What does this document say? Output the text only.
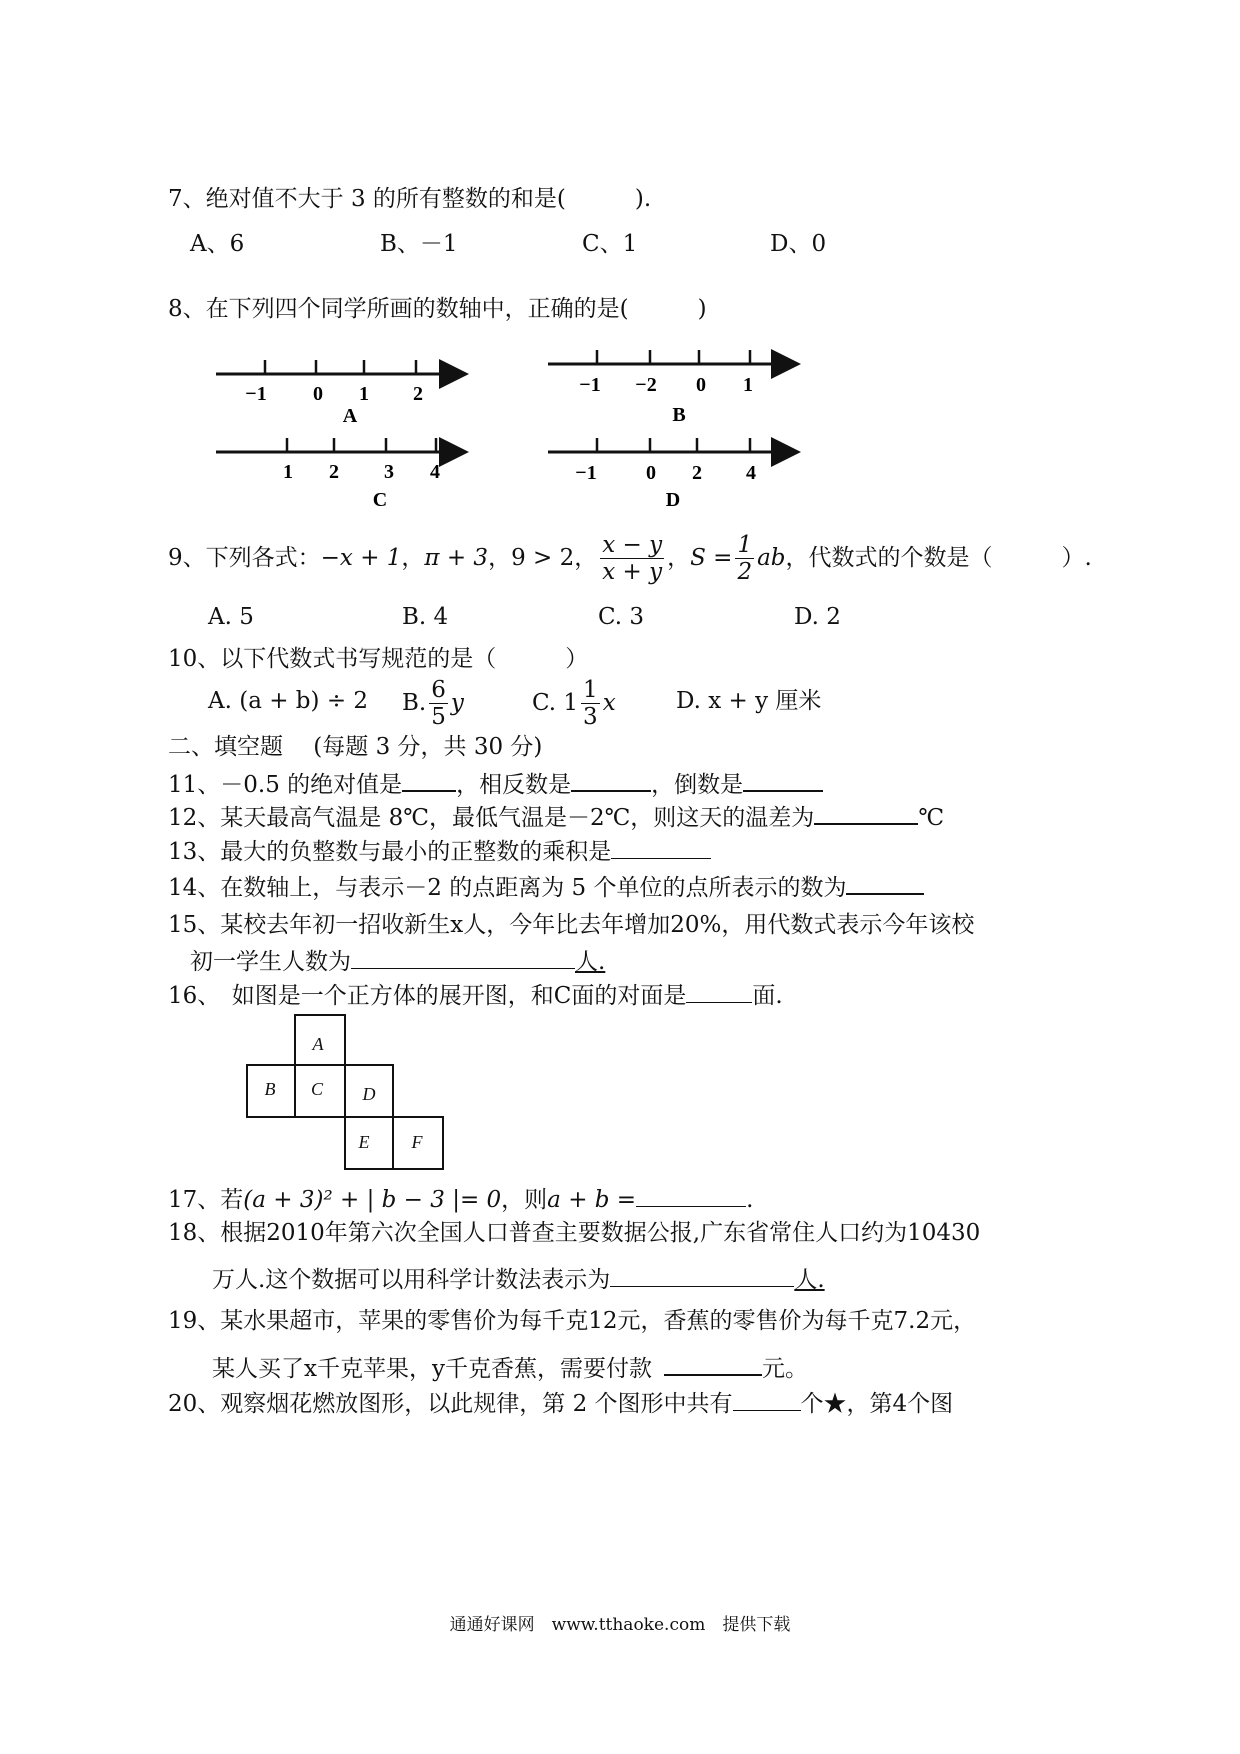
7、绝对值不大于 3 的所有整数的和是(　　　).
A、6	B、－1	C、1	D、0
8、在下列四个同学所画的数轴中，正确的是(　　　)
−1 0 1 2
A
−1 −2 0 1
B
1 2 3 4
C
−1 0 2 4
D
A
B C D
E F
9、下列各式：−x + 1，π + 3，9 > 2， $\frac{x - y}{x + y}$ ，$S = \frac{1}{2}$ ab，代数式的个数是（　　　）.
A. 5	B. 4	C. 3	D. 2
10、以下代数式书写规范的是（　　　）
A. (a + b) ÷ 2 B. $\frac{6}{5}$ y	C. $1 \frac{1}{3}$ x	D. x + y 厘米
二、填空题　 (每题 3 分，共 30 分)
11、－0.5 的绝对值是 ，相反数是	，倒数是
12、某天最高气温是 8℃，最低气温是－2℃，则这天的温差为	℃
13、最大的负整数与最小的正整数的乘积是
14、在数轴上，与表示－2 的点距离为 5 个单位的点所表示的数为
15、某校去年初一招收新生x人，今年比去年增加20%，用代数式表示今年该校
初一学生人数为	人.
16、　如图是一个正方体的展开图，和C面的对面是	面.
17、若(a + 3)² + | b − 3 |= 0，则a + b =	.
18、根据2010年第六次全国人口普查主要数据公报,广东省常住人口约为10430
万人.这个数据可以用科学计数法表示为	人.
19、某水果超市，苹果的零售价为每千克12元，香蕉的零售价为每千克7.2元，
某人买了x千克苹果，y千克香蕉，需要付款	元。
20、观察烟花燃放图形，以此规律，第 2 个图形中共有	个★，第4个图
通通好课网　www.tthaoke.com　提供下载
